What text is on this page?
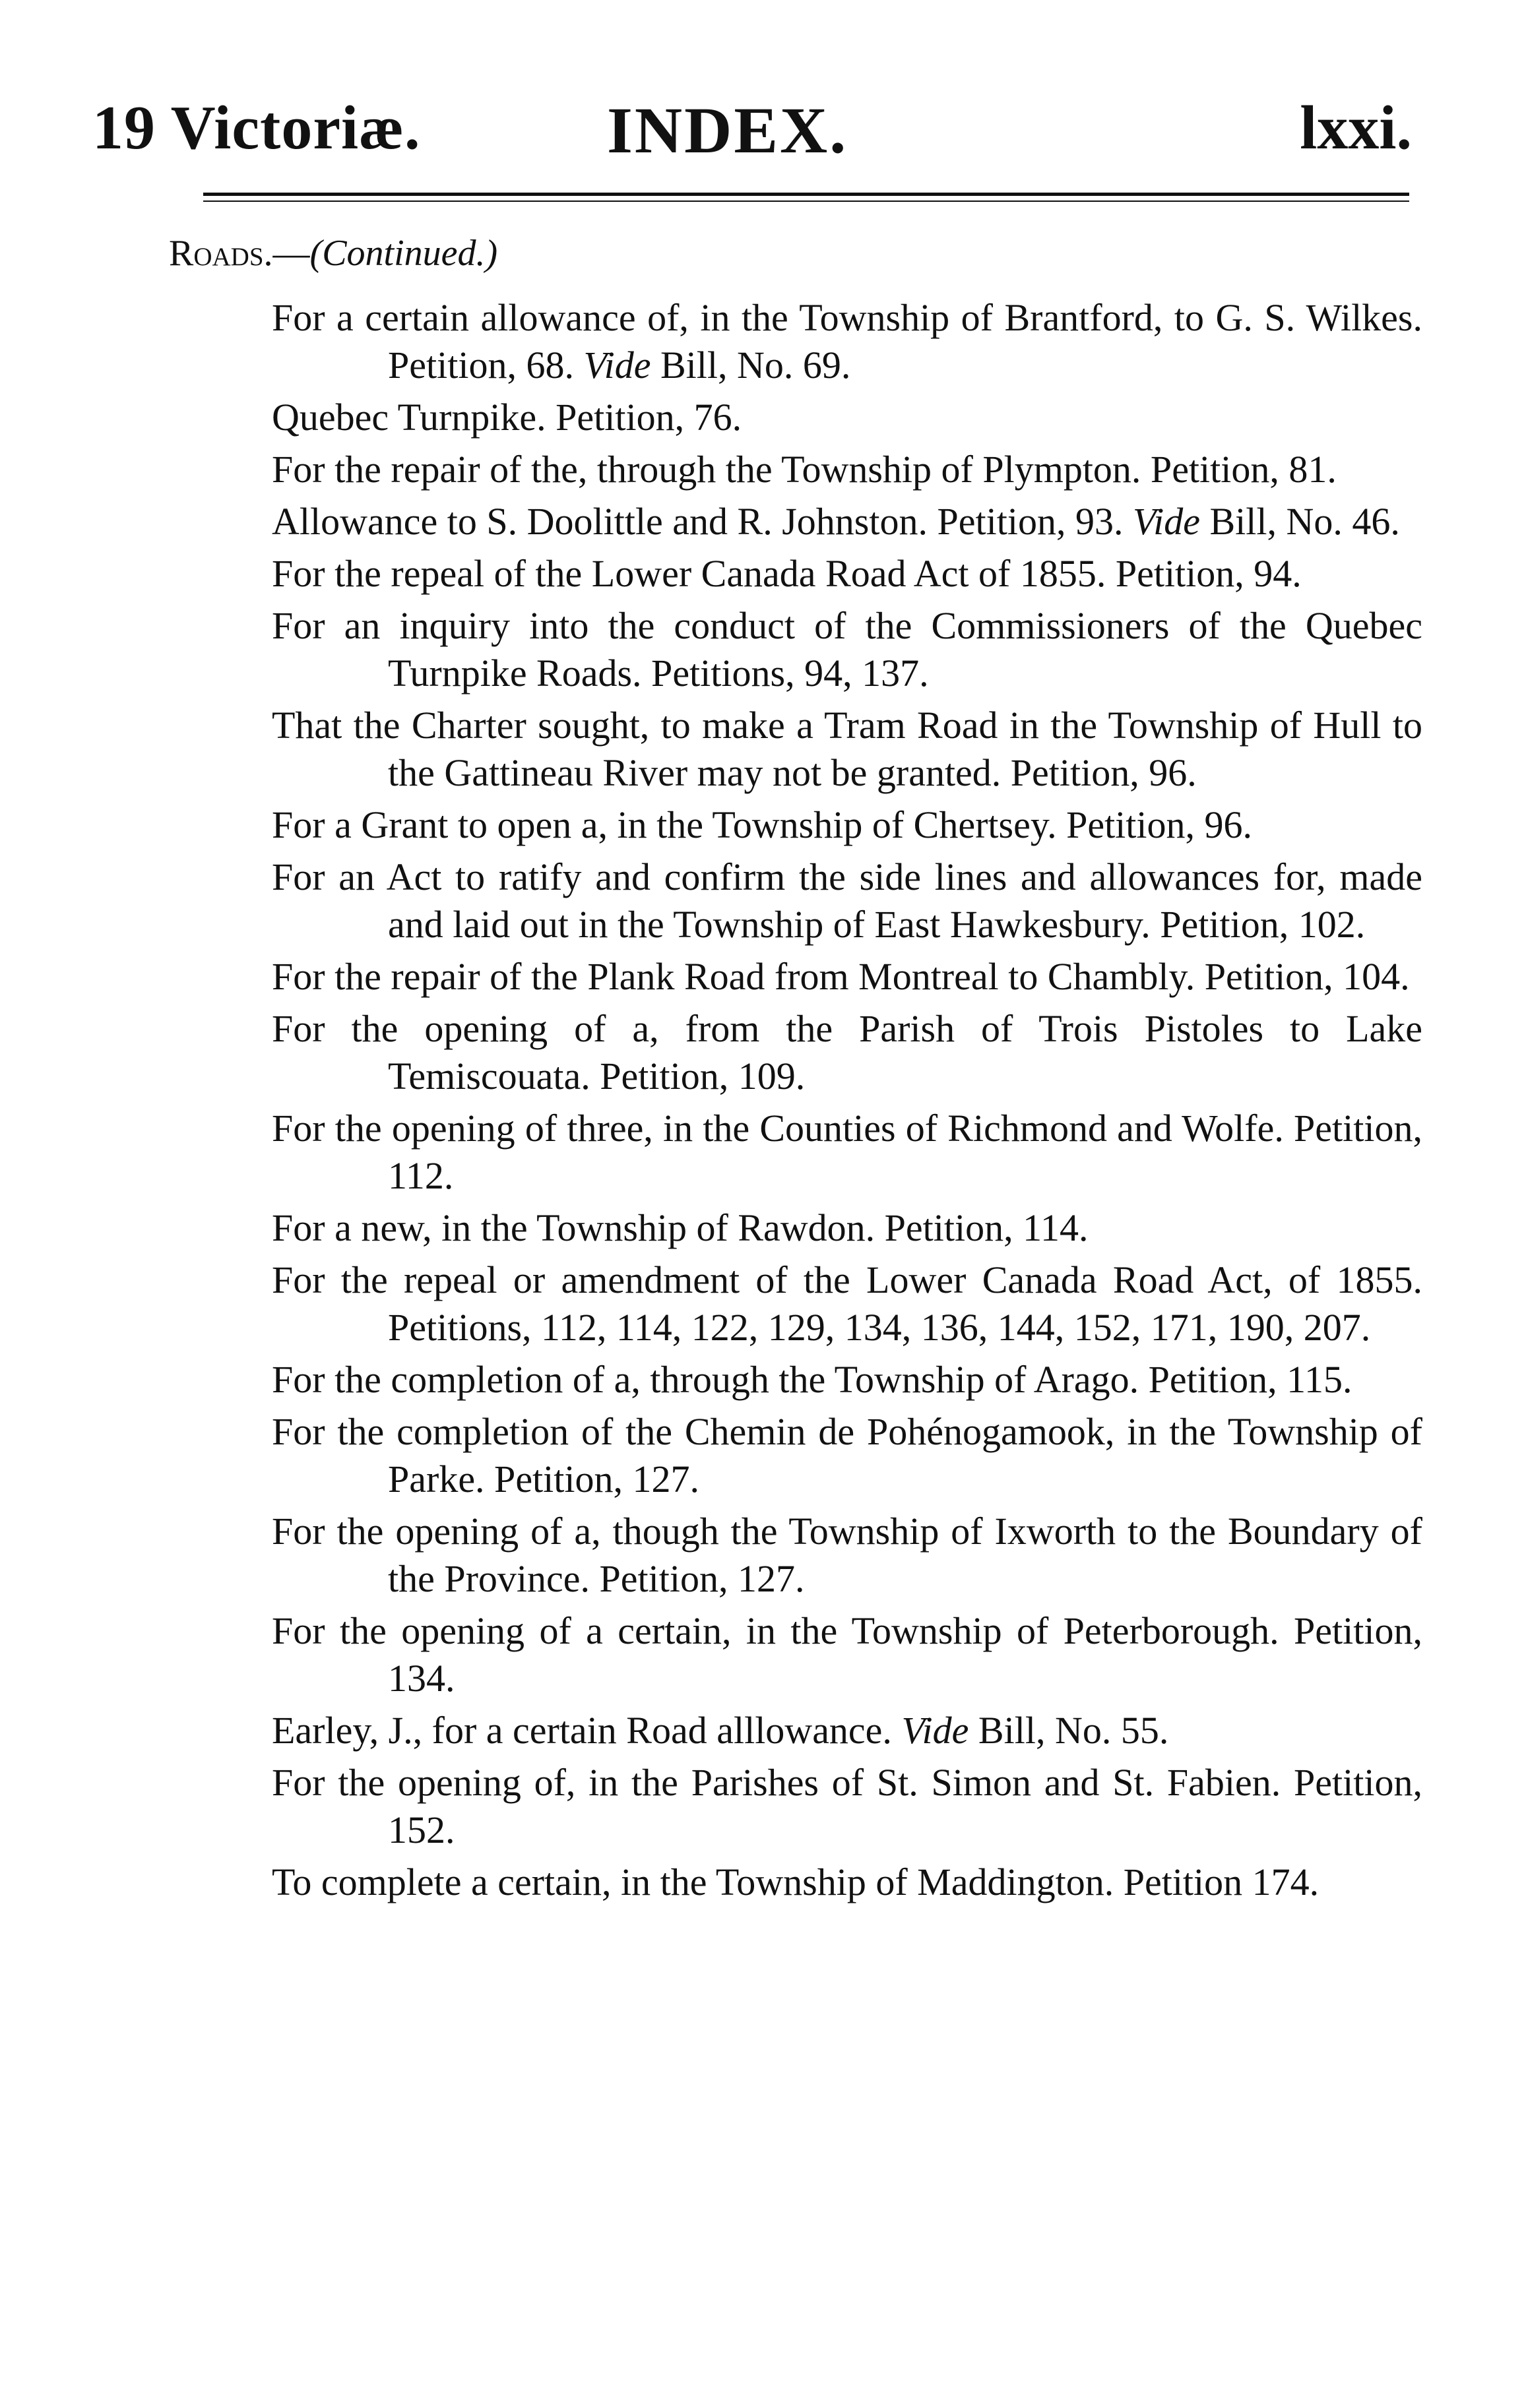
19 Victoriæ.	INDEX.	lxxi.
Roads.—(Continued.)

For a certain allowance of, in the Township of Brantford, to G. S. Wilkes. Petition, 68. Vide Bill, No. 69.

Quebec Turnpike. Petition, 76.

For the repair of the, through the Township of Plympton. Petition, 81.

Allowance to S. Doolittle and R. Johnston. Petition, 93. Vide Bill, No. 46.

For the repeal of the Lower Canada Road Act of 1855. Petition, 94.

For an inquiry into the conduct of the Commissioners of the Quebec Turnpike Roads. Petitions, 94, 137.

That the Charter sought, to make a Tram Road in the Township of Hull to the Gattineau River may not be granted. Petition, 96.

For a Grant to open a, in the Township of Chertsey. Petition, 96.

For an Act to ratify and confirm the side lines and allowances for, made and laid out in the Township of East Hawkesbury. Petition, 102.

For the repair of the Plank Road from Montreal to Chambly. Petition, 104.

For the opening of a, from the Parish of Trois Pistoles to Lake Temiscouata. Petition, 109.

For the opening of three, in the Counties of Richmond and Wolfe. Petition, 112.

For a new, in the Township of Rawdon. Petition, 114.

For the repeal or amendment of the Lower Canada Road Act, of 1855. Petitions, 112, 114, 122, 129, 134, 136, 144, 152, 171, 190, 207.

For the completion of a, through the Township of Arago. Petition, 115.

For the completion of the Chemin de Pohénogamook, in the Township of Parke. Petition, 127.

For the opening of a, though the Township of Ixworth to the Boundary of the Province. Petition, 127.

For the opening of a certain, in the Township of Peterborough. Petition, 134.

Earley, J., for a certain Road alllowance. Vide Bill, No. 55.

For the opening of, in the Parishes of St. Simon and St. Fabien. Petition, 152.

To complete a certain, in the Township of Maddington. Petition 174.
